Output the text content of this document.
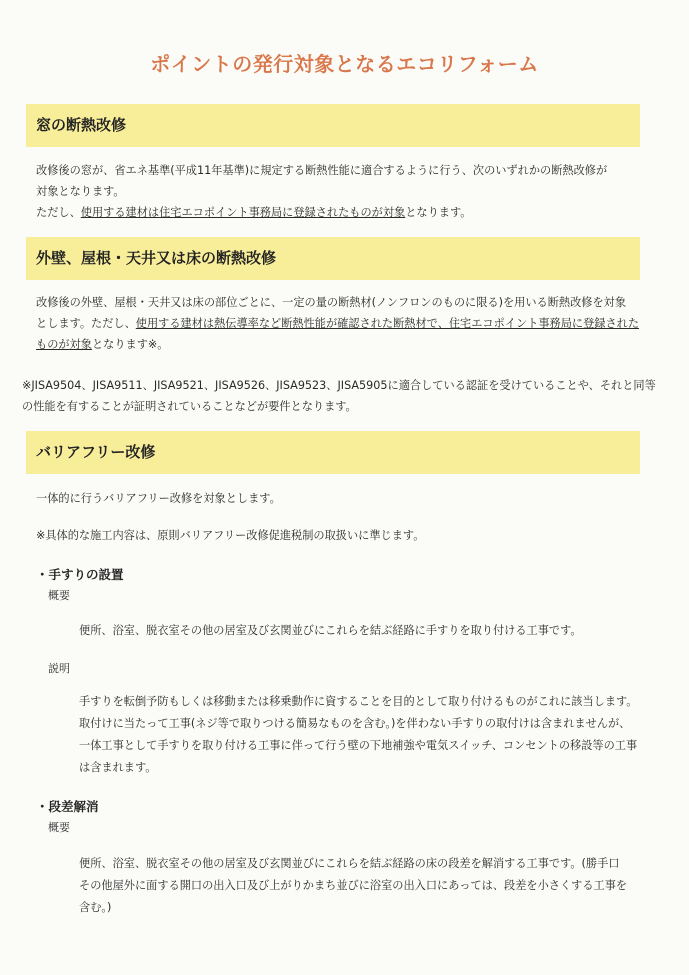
ポイントの発行対象となるエコリフォーム
窓の断熱改修
改修後の窓が、省エネ基準(平成11年基準)に規定する断熱性能に適合するように行う、次のいずれかの断熱改修が
対象となります。
ただし、使用する建材は住宅エコポイント事務局に登録されたものが対象となります。
外壁、屋根・天井又は床の断熱改修
改修後の外壁、屋根・天井又は床の部位ごとに、一定の量の断熱材(ノンフロンのものに限る)を用いる断熱改修を対象
とします。ただし、使用する建材は熱伝導率など断熱性能が確認された断熱材で、住宅エコポイント事務局に登録された
ものが対象となります※。
※JISA9504、JISA9511、JISA9521、JISA9526、JISA9523、JISA5905に適合している認証を受けていることや、それと同等
の性能を有することが証明されていることなどが要件となります。
バリアフリー改修
一体的に行うバリアフリー改修を対象とします。
※具体的な施工内容は、原則バリアフリー改修促進税制の取扱いに準じます。
・手すりの設置
概要
便所、浴室、脱衣室その他の居室及び玄関並びにこれらを結ぶ経路に手すりを取り付ける工事です。
説明
手すりを転倒予防もしくは移動または移乗動作に資することを目的として取り付けるものがこれに該当します。
取付けに当たって工事(ネジ等で取りつける簡易なものを含む。)を伴わない手すりの取付けは含まれませんが、
一体工事として手すりを取り付ける工事に伴って行う壁の下地補強や電気スイッチ、コンセントの移設等の工事
は含まれます。
・段差解消
概要
便所、浴室、脱衣室その他の居室及び玄関並びにこれらを結ぶ経路の床の段差を解消する工事です。(勝手口
その他屋外に面する開口の出入口及び上がりかまち並びに浴室の出入口にあっては、段差を小さくする工事を
含む。)
